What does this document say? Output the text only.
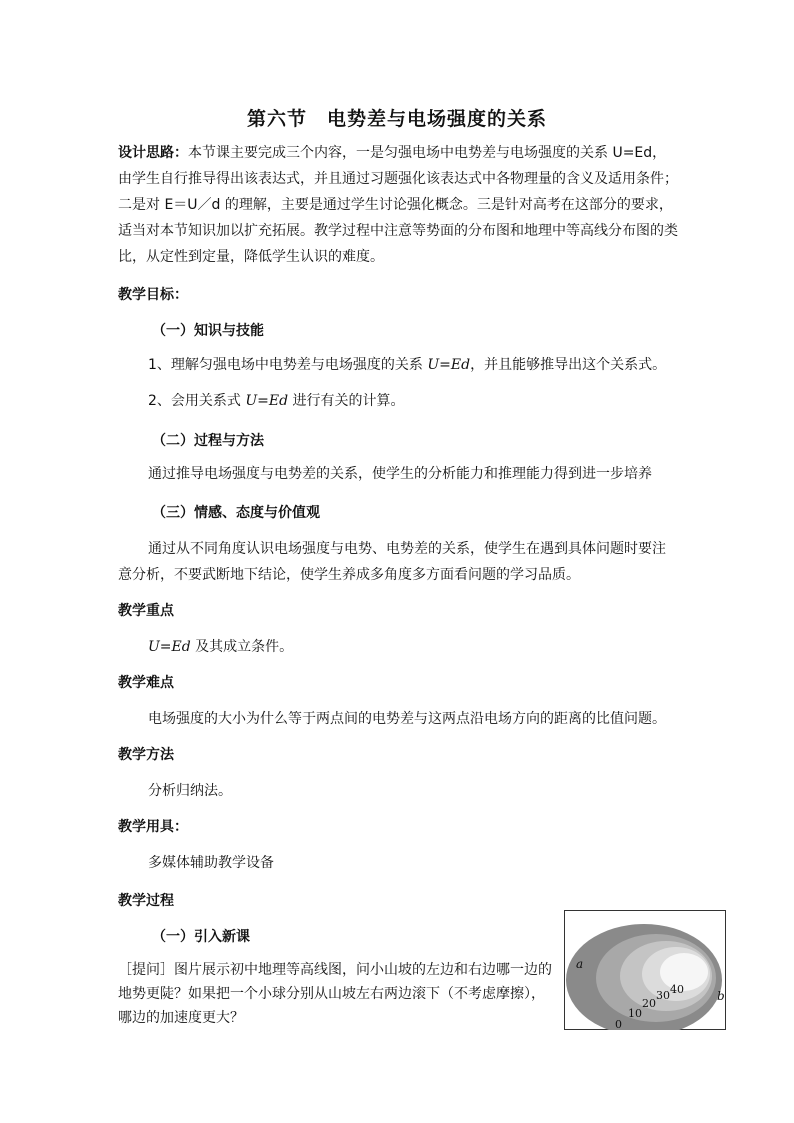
第六节　电势差与电场强度的关系
设计思路：本节课主要完成三个内容，一是匀强电场中电势差与电场强度的关系 U=Ed，由学生自行推导得出该表达式，并且通过习题强化该表达式中各物理量的含义及适用条件；二是对 E＝U／d 的理解，主要是通过学生讨论强化概念。三是针对高考在这部分的要求，适当对本节知识加以扩充拓展。教学过程中注意等势面的分布图和地理中等高线分布图的类比，从定性到定量，降低学生认识的难度。
教学目标：
（一）知识与技能
1、理解匀强电场中电势差与电场强度的关系 U=Ed，并且能够推导出这个关系式。
2、会用关系式 U=Ed 进行有关的计算。
（二）过程与方法
通过推导电场强度与电势差的关系，使学生的分析能力和推理能力得到进一步培养
（三）情感、态度与价值观
通过从不同角度认识电场强度与电势、电势差的关系，使学生在遇到具体问题时要注意分析，不要武断地下结论，使学生养成多角度多方面看问题的学习品质。
教学重点
U=Ed 及其成立条件。
教学难点
电场强度的大小为什么等于两点间的电势差与这两点沿电场方向的距离的比值问题。
教学方法
分析归纳法。
教学用具：
多媒体辅助教学设备
教学过程
（一）引入新课
［提问］图片展示初中地理等高线图，问小山坡的左边和右边哪一边的地势更陡？如果把一个小球分别从山坡左右两边滚下（不考虑摩擦），哪边的加速度更大？
a
b
0
10
20
30 40
